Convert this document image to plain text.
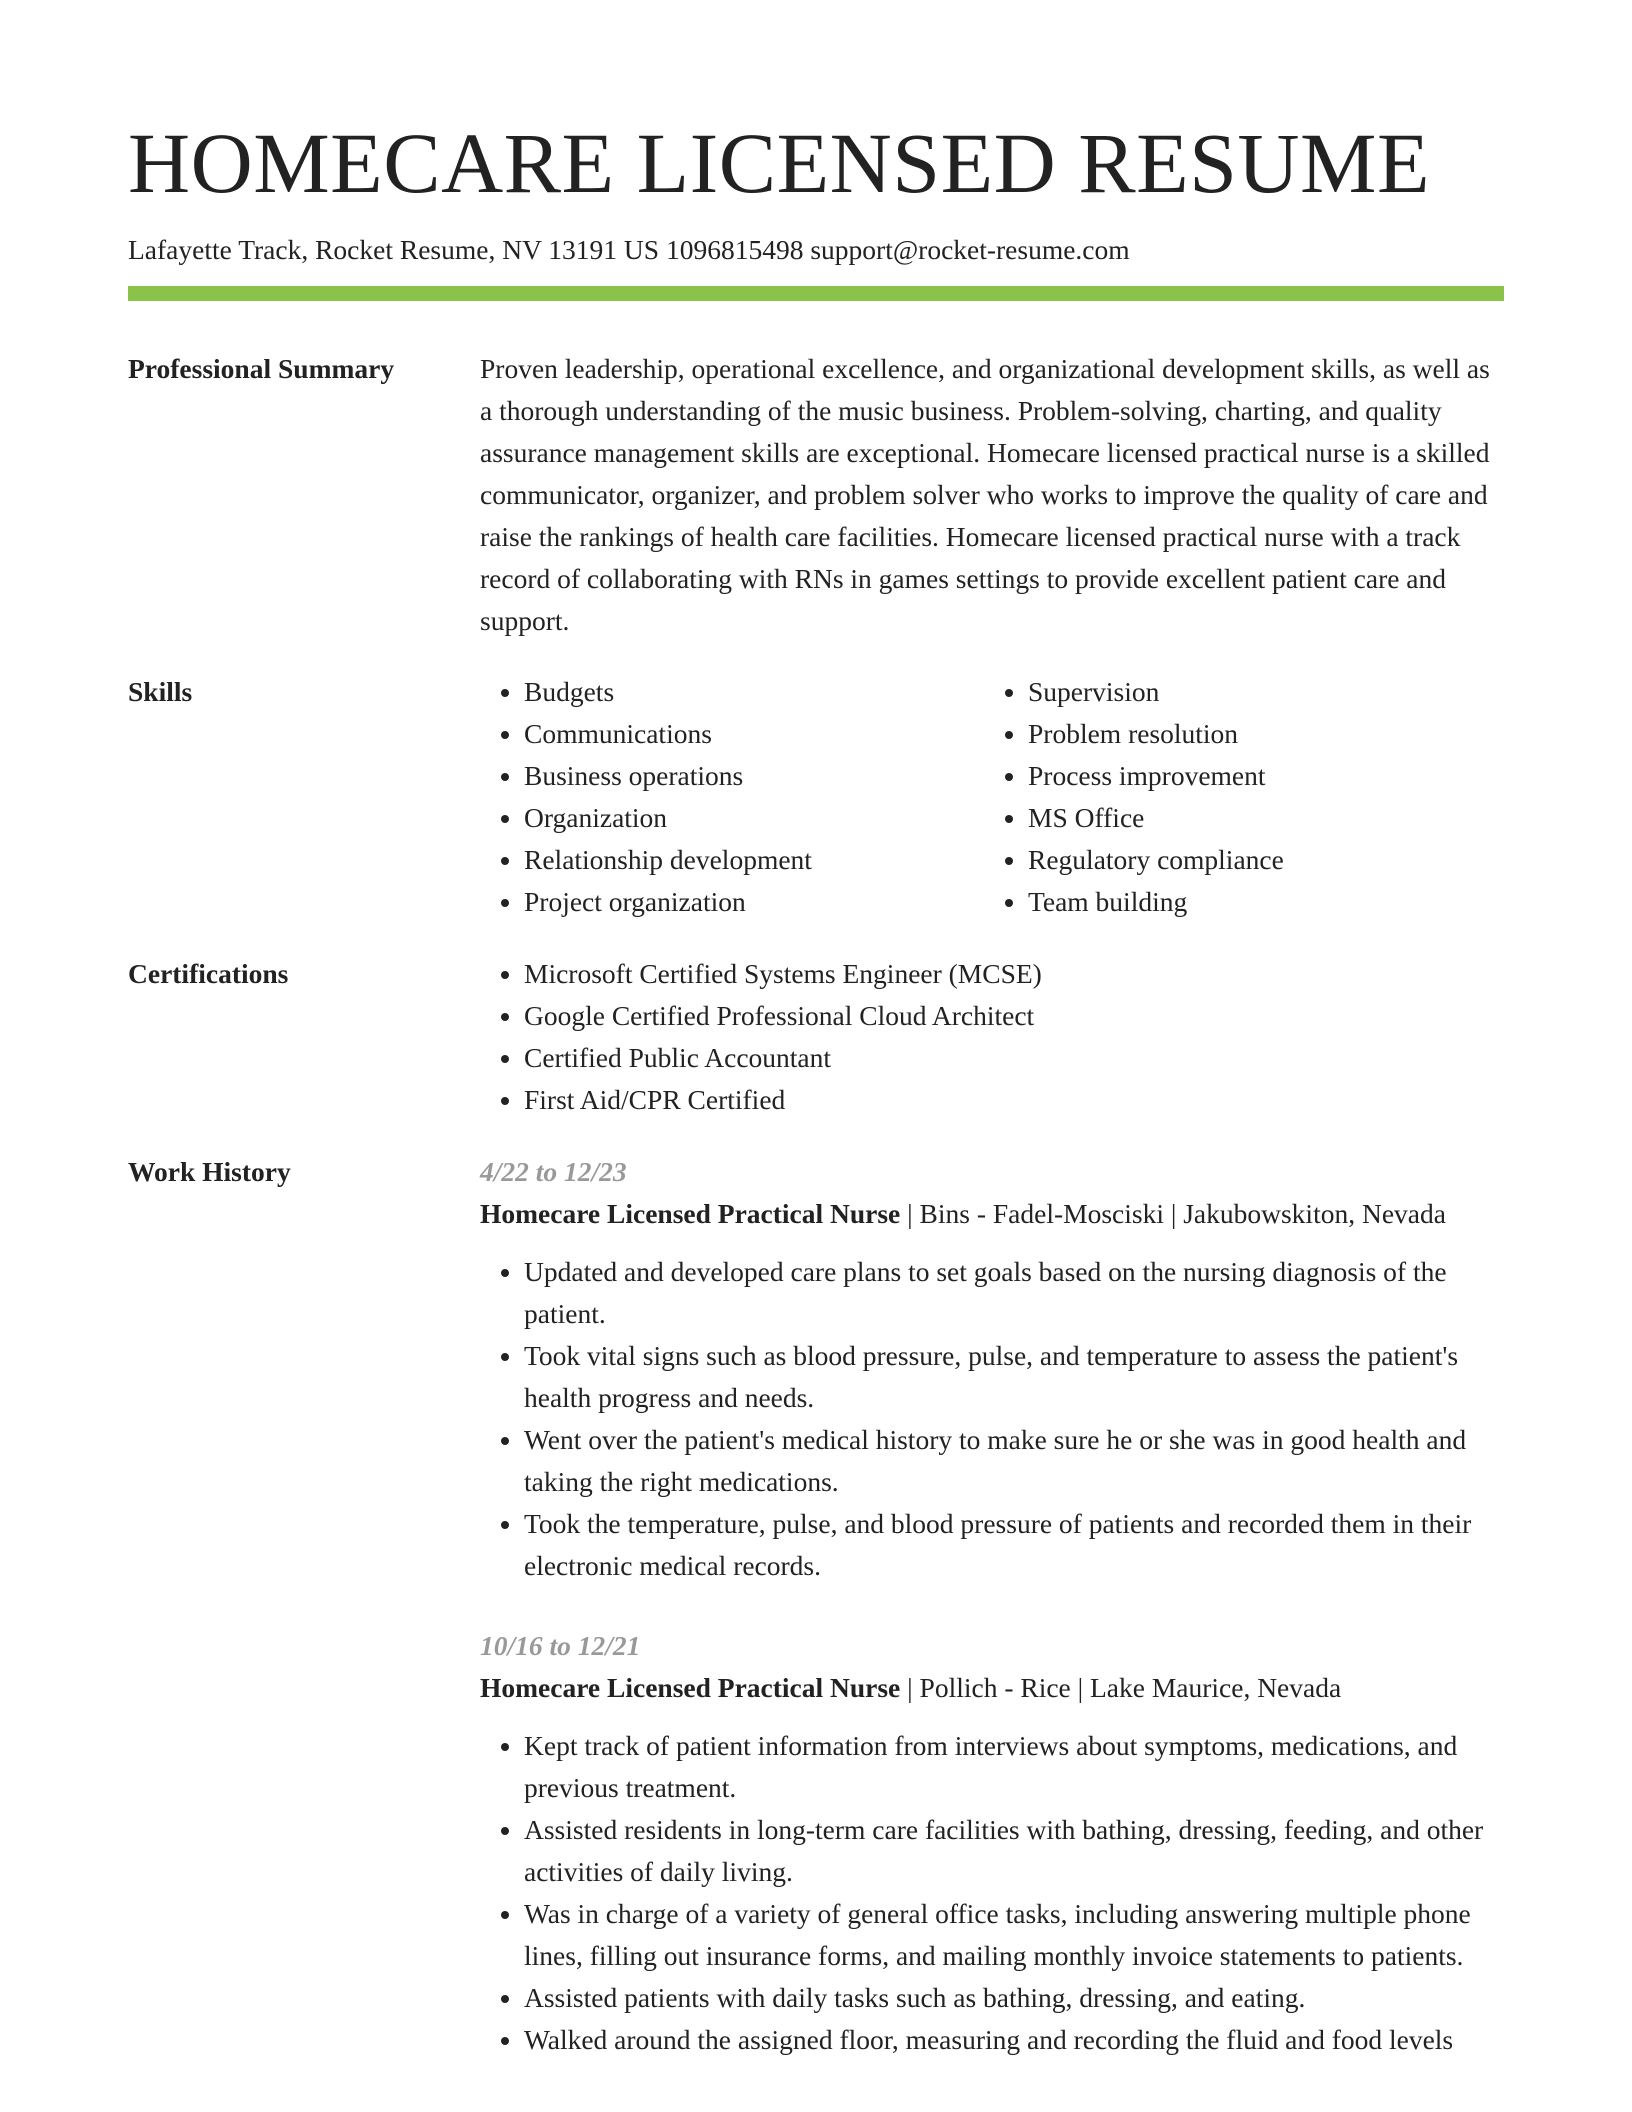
HOMECARE LICENSED RESUME
Lafayette Track, Rocket Resume, NV 13191 US 1096815498 support@rocket-resume.com
Professional Summary	Proven leadership, operational excellence, and organizational development skills, as well as a thorough understanding of the music business. Problem-solving, charting, and quality assurance management skills are exceptional. Homecare licensed practical nurse is a skilled communicator, organizer, and problem solver who works to improve the quality of care and raise the rankings of health care facilities. Homecare licensed practical nurse with a track record of collaborating with RNs in games settings to provide excellent patient care and support.

Skills	• Budgets
• Communications
• Business operations
• Organization
• Relationship development
• Project organization
• Supervision
• Problem resolution
• Process improvement
• MS Office
• Regulatory compliance
• Team building
Certifications	• Microsoft Certified Systems Engineer (MCSE)
• Google Certified Professional Cloud Architect
• Certified Public Accountant
• First Aid/CPR Certified
Work History	4/22 to 12/23
Homecare Licensed Practical Nurse | Bins - Fadel-Mosciski | Jakubowskiton, Nevada
• Updated and developed care plans to set goals based on the nursing diagnosis of the patient.
• Took vital signs such as blood pressure, pulse, and temperature to assess the patient's health progress and needs.
• Went over the patient's medical history to make sure he or she was in good health and taking the right medications.
• Took the temperature, pulse, and blood pressure of patients and recorded them in their electronic medical records.
10/16 to 12/21
Homecare Licensed Practical Nurse | Pollich - Rice | Lake Maurice, Nevada
• Kept track of patient information from interviews about symptoms, medications, and previous treatment.
• Assisted residents in long-term care facilities with bathing, dressing, feeding, and other activities of daily living.
• Was in charge of a variety of general office tasks, including answering multiple phone lines, filling out insurance forms, and mailing monthly invoice statements to patients.
• Assisted patients with daily tasks such as bathing, dressing, and eating.
• Walked around the assigned floor, measuring and recording the fluid and food levels
